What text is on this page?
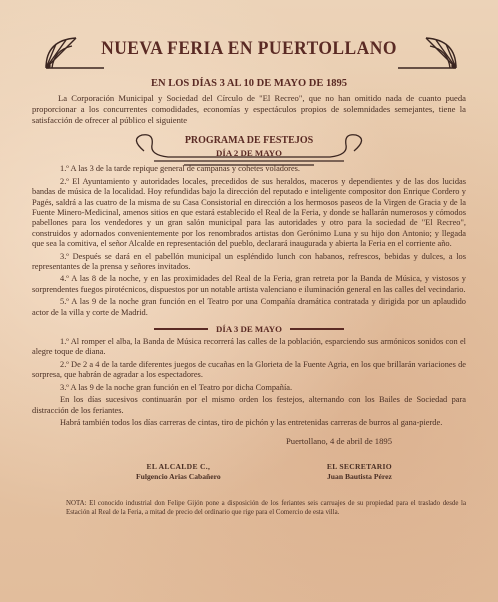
NUEVA FERIA EN PUERTOLLANO
EN LOS DÍAS 3 AL 10 DE MAYO DE 1895
La Corporación Municipal y Sociedad del Círculo de "El Recreo", que no han omitido nada de cuanto pueda proporcionar a los concurrentes comodidades, economías y espectáculos propios de solemnidades semejantes, tiene la satisfacción de ofrecer al público el siguiente
PROGRAMA DE FESTEJOS
DÍA 2 DE MAYO
1.º A las 3 de la tarde repique general de campanas y cohetes voladores.
2.º El Ayuntamiento y autoridades locales, precedidos de sus heraldos, maceros y dependientes y de las dos lucidas bandas de música de la localidad. Hoy refundidas bajo la dirección del reputado e inteligente compositor don Enrique Cordero y Pagés, saldrá a las cuatro de la misma de su Casa Consistorial en dirección a los hermosos paseos de la Virgen de Gracia y de la Fuente Minero-Medicinal, amenos sitios en que estará establecido el Real de la Feria, y donde se hallarán numerosos y cómodos pabellones para los vendedores y un gran salón municipal para las autoridades y otro para la sociedad de "El Recreo", construidos y adornados convenientemente por los renombrados artistas don Gerónimo Luna y su hijo don Antonio; y llegada que sea la comitiva, el señor Alcalde en representación del pueblo, declarará inaugurada y abierta la Feria en el corriente año.
3.º Después se dará en el pabellón municipal un espléndido lunch con habanos, refrescos, bebidas y dulces, a los representantes de la prensa y señores invitados.
4.º A las 8 de la noche, y en las proximidades del Real de la Feria, gran retreta por la Banda de Música, y vistosos y sorprendentes fuegos pirotécnicos, dispuestos por un notable artista valenciano e iluminación general en las calles del vecindario.
5.º A las 9 de la noche gran función en el Teatro por una Compañía dramática contratada y dirigida por un aplaudido actor de la villa y corte de Madrid.
DÍA 3 DE MAYO
1.º Al romper el alba, la Banda de Música recorrerá las calles de la población, esparciendo sus armónicos sonidos con el alegre toque de diana.
2.º De 2 a 4 de la tarde diferentes juegos de cucañas en la Glorieta de la Fuente Agria, en los que brillarán variaciones de sorpresa, que habrán de agradar a los espectadores.
3.º A las 9 de la noche gran función en el Teatro por dicha Compañía.
En los días sucesivos continuarán por el mismo orden los festejos, alternando con los Bailes de Sociedad para distracción de los feriantes.
Habrá también todos los días carreras de cintas, tiro de pichón y las entretenidas carreras de burros al gana-pierde.
Puertollano, 4 de abril de 1895
EL ALCALDE C.,
Fulgencio Arias Cabañero
EL SECRETARIO
Juan Bautista Pérez
NOTA: El conocido industrial don Felipe Gijón pone a disposición de los feriantes seis carruajes de su propiedad para el traslado desde la Estación al Real de la Feria, a mitad de precio del ordinario que rige para el Comercio de esta villa.
